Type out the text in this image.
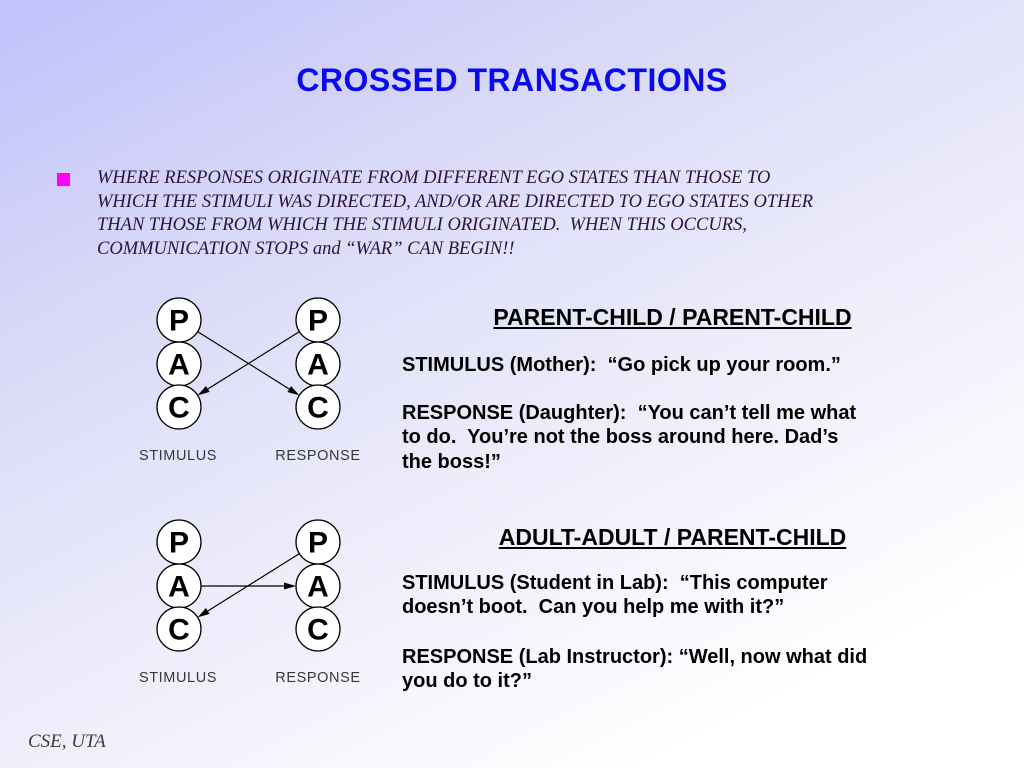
CROSSED TRANSACTIONS
WHERE RESPONSES ORIGINATE FROM DIFFERENT EGO STATES THAN THOSE TO
WHICH THE STIMULI WAS DIRECTED, AND/OR ARE DIRECTED TO EGO STATES OTHER
THAN THOSE FROM WHICH THE STIMULI ORIGINATED.  WHEN THIS OCCURS,
COMMUNICATION STOPS and “WAR” CAN BEGIN!!
P
A
C
P
A
C
STIMULUS	RESPONSE
P
A
C
P
A
C
STIMULUS	RESPONSE
PARENT-CHILD / PARENT-CHILD
STIMULUS (Mother):  “Go pick up your room.”
RESPONSE (Daughter):  “You can’t tell me what
to do.  You’re not the boss around here. Dad’s
the boss!”
ADULT-ADULT / PARENT-CHILD
STIMULUS (Student in Lab):  “This computer
doesn’t boot.  Can you help me with it?”
RESPONSE (Lab Instructor): “Well, now what did
you do to it?”
CSE, UTA
